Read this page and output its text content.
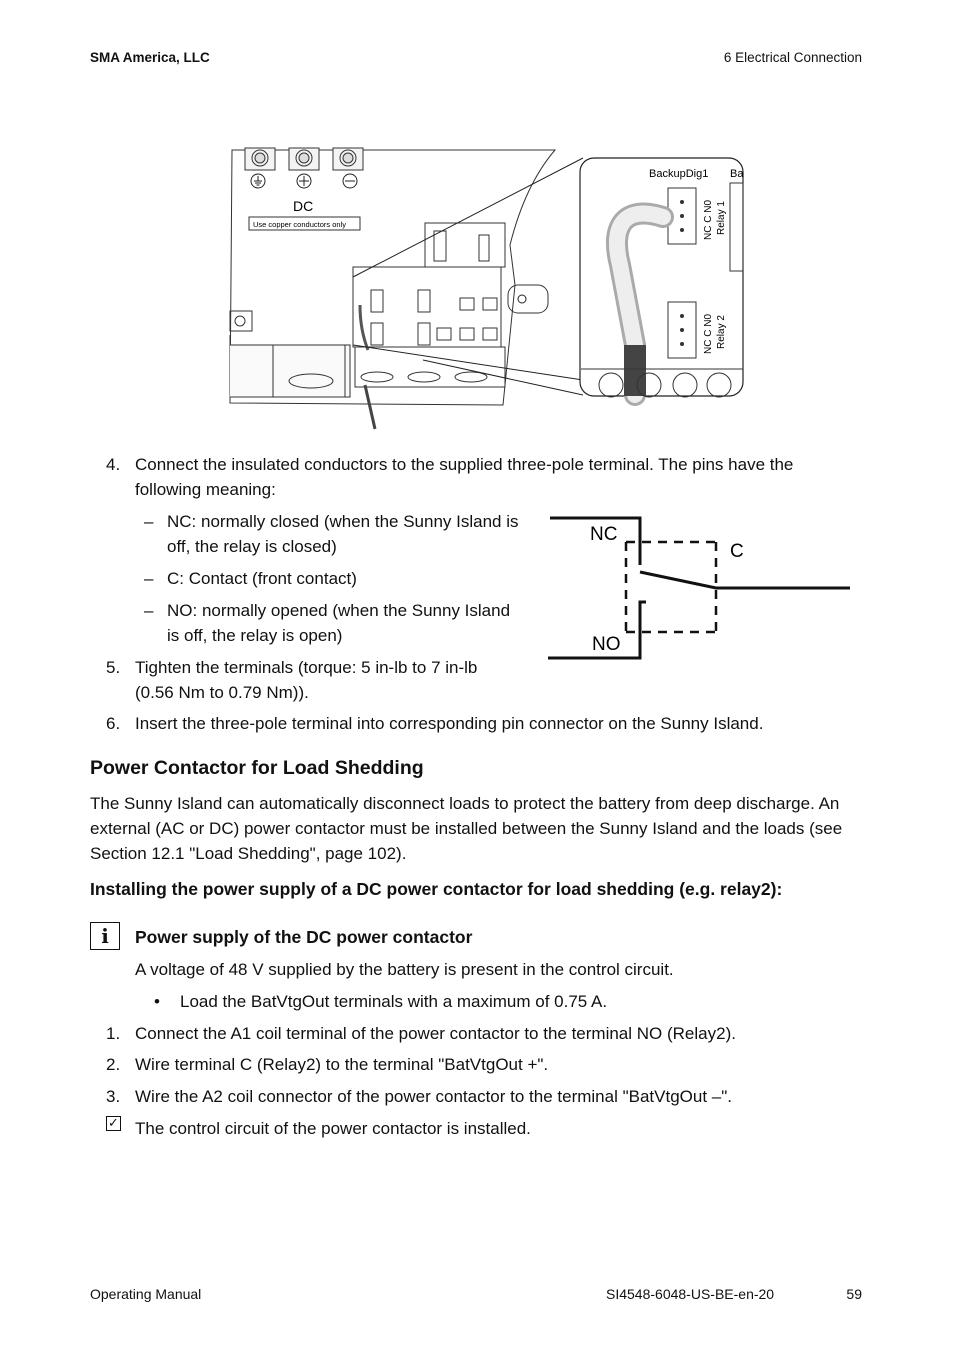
SMA America, LLC	6 Electrical Connection
DC
Use copper conductors only
BackupDig1 Ba
NC C N0 Relay 1
NC C N0 Relay 2
4. Connect the insulated conductors to the supplied three-pole terminal. The pins have the
following meaning:
– NC: normally closed (when the Sunny Island is
off, the relay is closed)
– C: Contact (front contact)
– NO: normally opened (when the Sunny Island
is off, the relay is open)
NC
C
NO
5. Tighten the terminals (torque: 5 in-lb to 7 in-lb
(0.56 Nm to 0.79 Nm)).
6. Insert the three-pole terminal into corresponding pin connector on the Sunny Island.
Power Contactor for Load Shedding
The Sunny Island can automatically disconnect loads to protect the battery from deep discharge. An
external (AC or DC) power contactor must be installed between the Sunny Island and the loads (see
Section 12.1 "Load Shedding", page 102).
Installing the power supply of a DC power contactor for load shedding (e.g. relay2):
i	Power supply of the DC power contactor
A voltage of 48 V supplied by the battery is present in the control circuit.
• Load the BatVtgOut terminals with a maximum of 0.75 A.
1. Connect the A1 coil terminal of the power contactor to the terminal NO (Relay2).
2. Wire terminal C (Relay2) to the terminal "BatVtgOut +".
3. Wire the A2 coil connector of the power contactor to the terminal "BatVtgOut –".
✓ The control circuit of the power contactor is installed.
Operating Manual	SI4548-6048-US-BE-en-20	59
